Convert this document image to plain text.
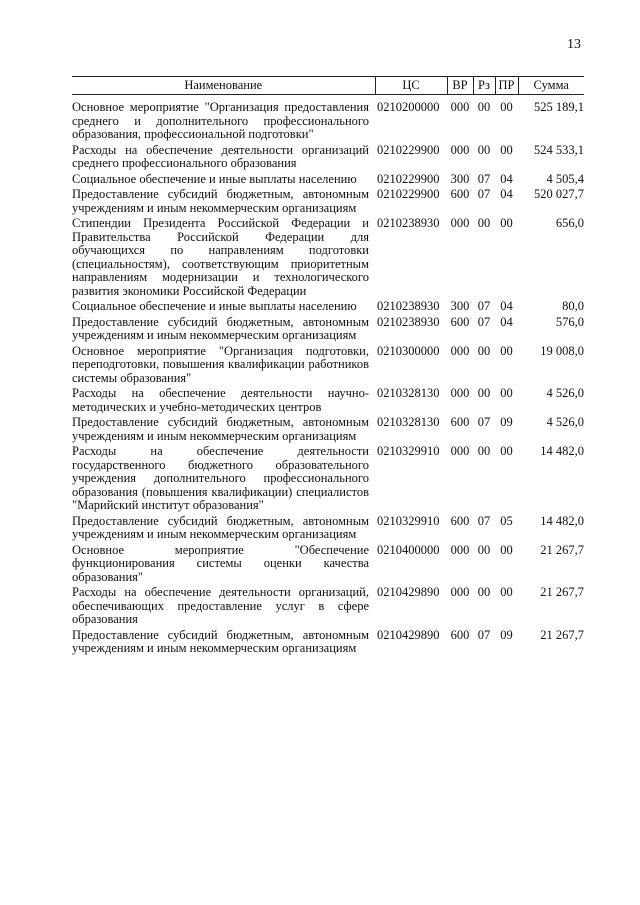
13
Наименование	ЦС	ВР	Рз	ПР	Сумма
Основное мероприятие "Организация предоставления среднего и дополнительного профессионального образования, профессиональной подготовки"	0210200000	000	00	00	525 189,1
Расходы на обеспечение деятельности организаций среднего профессионального образования	0210229900	000	00	00	524 533,1
Социальное обеспечение и иные выплаты населению	0210229900	300	07	04	4 505,4
Предоставление субсидий бюджетным, автономным учреждениям и иным некоммерческим организациям	0210229900	600	07	04	520 027,7
Стипендии Президента Российской Федерации и Правительства Российской Федерации для обучающихся по направлениям подготовки (специальностям), соответствующим приоритетным направлениям модернизации и технологического развития экономики Российской Федерации	0210238930	000	00	00	656,0
Социальное обеспечение и иные выплаты населению	0210238930	300	07	04	80,0
Предоставление субсидий бюджетным, автономным учреждениям и иным некоммерческим организациям	0210238930	600	07	04	576,0
Основное мероприятие "Организация подготовки, переподготовки, повышения квалификации работников системы образования"	0210300000	000	00	00	19 008,0
Расходы на обеспечение деятельности научно-методических и учебно-методических центров	0210328130	000	00	00	4 526,0
Предоставление субсидий бюджетным, автономным учреждениям и иным некоммерческим организациям	0210328130	600	07	09	4 526,0
Расходы на обеспечение деятельности государственного бюджетного образовательного учреждения дополнительного профессионального образования (повышения квалификации) специалистов "Марийский институт образования"	0210329910	000	00	00	14 482,0
Предоставление субсидий бюджетным, автономным учреждениям и иным некоммерческим организациям	0210329910	600	07	05	14 482,0
Основное мероприятие "Обеспечение функционирования системы оценки качества образования"	0210400000	000	00	00	21 267,7
Расходы на обеспечение деятельности организаций, обеспечивающих предоставление услуг в сфере образования	0210429890	000	00	00	21 267,7
Предоставление субсидий бюджетным, автономным учреждениям и иным некоммерческим организациям	0210429890	600	07	09	21 267,7
